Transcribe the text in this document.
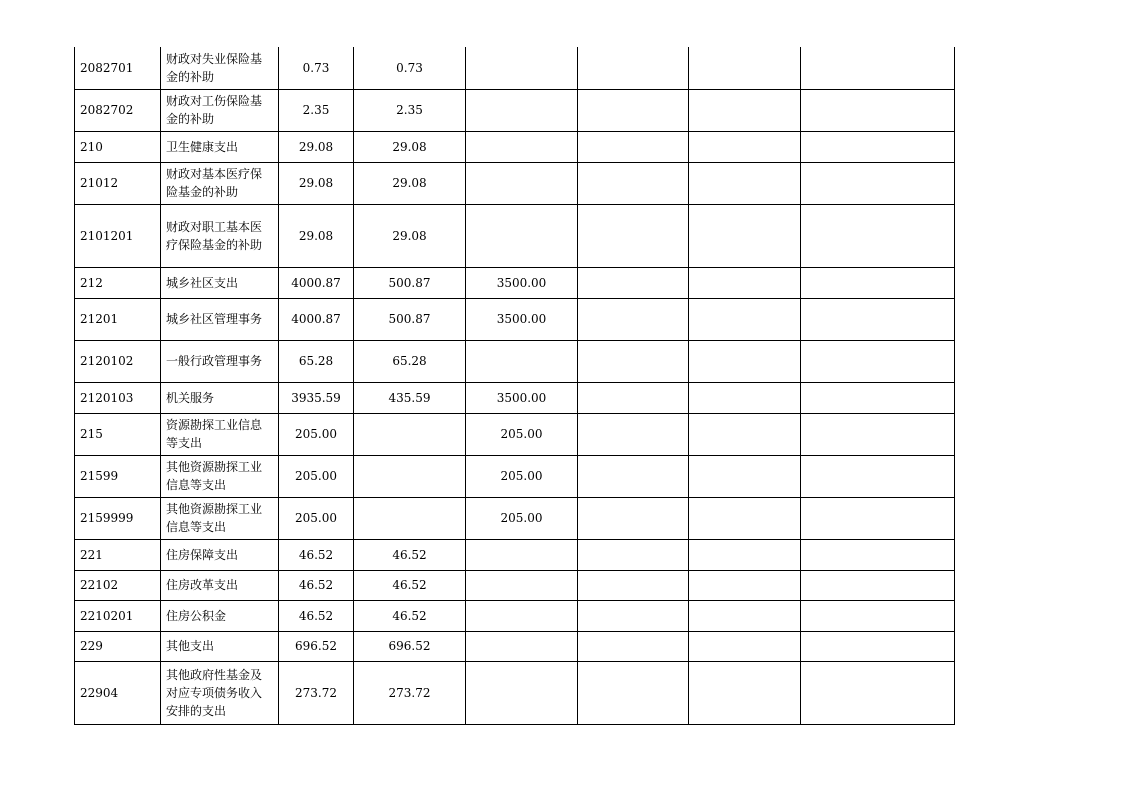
2082701	财政对失业保险基金的补助	0.73	0.73				
2082702	财政对工伤保险基金的补助	2.35	2.35				
210	卫生健康支出	29.08	29.08				
21012	财政对基本医疗保险基金的补助	29.08	29.08				
2101201	财政对职工基本医疗保险基金的补助	29.08	29.08				
212	城乡社区支出	4000.87	500.87	3500.00			
21201	城乡社区管理事务	4000.87	500.87	3500.00			
2120102	一般行政管理事务	65.28	65.28				
2120103	机关服务	3935.59	435.59	3500.00			
215	资源勘探工业信息等支出	205.00		205.00			
21599	其他资源勘探工业信息等支出	205.00		205.00			
2159999	其他资源勘探工业信息等支出	205.00		205.00			
221	住房保障支出	46.52	46.52				
22102	住房改革支出	46.52	46.52				
2210201	住房公积金	46.52	46.52				
229	其他支出	696.52	696.52				
22904	其他政府性基金及对应专项债务收入安排的支出	273.72	273.72				
